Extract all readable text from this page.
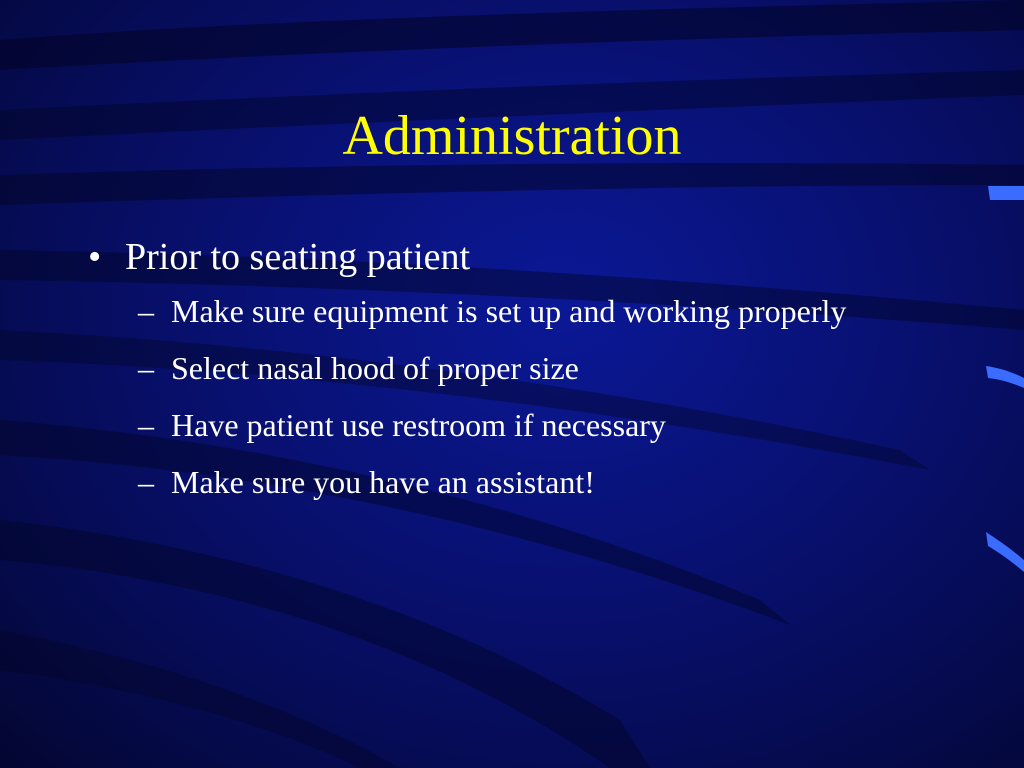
Administration
• Prior to seating patient
– Make sure equipment is set up and working properly
– Select nasal hood of proper size
– Have patient use restroom if necessary
– Make sure you have an assistant!
